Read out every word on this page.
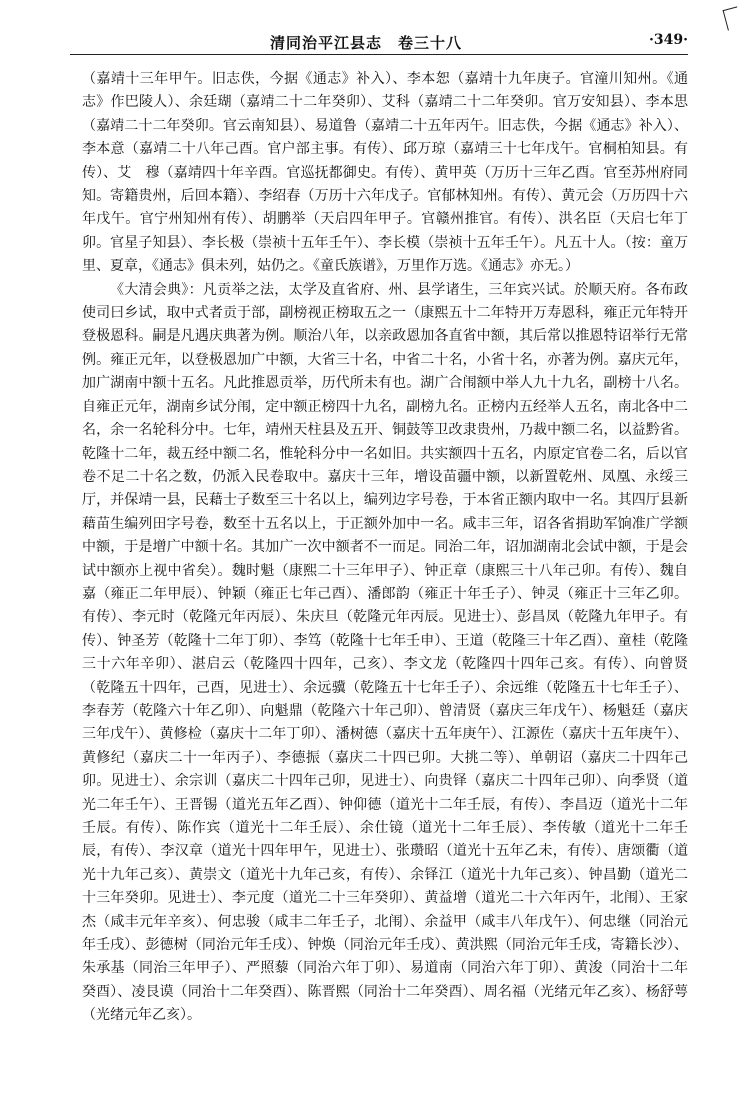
清同治平江县志　卷三十八	·349·

（嘉靖十三年甲午。旧志佚，今据《通志》补入）、李本恕（嘉靖十九年庚子。官潼川知州。《通志》作巴陵人）、余廷瑚（嘉靖二十二年癸卯）、艾科（嘉靖二十二年癸卯。官万安知县）、李本思（嘉靖二十二年癸卯。官云南知县）、易道鲁（嘉靖二十五年丙午。旧志佚，今据《通志》补入）、李本意（嘉靖二十八年己酉。官户部主事。有传）、邱万琼（嘉靖三十七年戊午。官桐柏知县。有传）、艾　穆（嘉靖四十年辛酉。官巡抚都御史。有传）、黄甲英（万历十三年乙酉。官至苏州府同知。寄籍贵州，后回本籍）、李绍春（万历十六年戊子。官郁林知州。有传）、黄元会（万历四十六年戊午。官宁州知州有传）、胡鹏举（天启四年甲子。官赣州推官。有传）、洪名臣（天启七年丁卯。官星子知县）、李长极（崇祯十五年壬午）、李长模（崇祯十五年壬午）。凡五十人。（按：童万里、夏章，《通志》俱未列，姑仍之。《童氏族谱》，万里作万选。《通志》亦无。）

《大清会典》：凡贡举之法，太学及直省府、州、县学诸生，三年宾兴试。於顺天府。各布政使司曰乡试，取中式者贡于部，副榜视正榜取五之一（康熙五十二年特开万寿恩科，雍正元年特开登极恩科。嗣是凡遇庆典著为例。顺治八年，以亲政恩加各直省中额，其后常以推恩特诏举行无常例。雍正元年，以登极恩加广中额，大省三十名，中省二十名，小省十名，亦著为例。嘉庆元年，加广湖南中额十五名。凡此推恩贡举，历代所未有也。湖广合闱额中举人九十九名，副榜十八名。自雍正元年，湖南乡试分闱，定中额正榜四十九名，副榜九名。正榜内五经举人五名，南北各中二名，余一名轮科分中。七年，靖州天柱县及五开、铜鼓等卫改隶贵州，乃裁中额二名，以益黔省。乾隆十二年，裁五经中额二名，惟轮科分中一名如旧。共实额四十五名，内原定官卷二名，后以官卷不足二十名之数，仍派入民卷取中。嘉庆十三年，增设苗疆中额，以新置乾州、凤凰、永绥三厅，并保靖一县，民藉士子数至三十名以上，编列边字号卷，于本省正额内取中一名。其四厅县新藉苗生编列田字号卷，数至十五名以上，于正额外加中一名。咸丰三年，诏各省捐助军饷准广学额中额，于是增广中额十名。其加广一次中额者不一而足。同治二年，诏加湖南北会试中额，于是会试中额亦上视中省矣）。魏时魁（康熙二十三年甲子）、钟正章（康熙三十八年己卯。有传）、魏自嘉（雍正二年甲辰）、钟颖（雍正七年己酉）、潘郎韵（雍正十年壬子）、钟灵（雍正十三年乙卯。有传）、李元时（乾隆元年丙辰）、朱庆旦（乾隆元年丙辰。见进士）、彭昌凤（乾隆九年甲子。有传）、钟圣芳（乾隆十二年丁卯）、李笃（乾隆十七年壬申）、王道（乾隆三十年乙酉）、童桂（乾隆三十六年辛卯）、湛启云（乾隆四十四年，己亥）、李文龙（乾隆四十四年己亥。有传）、向曾贤（乾隆五十四年，己酉，见进士）、余远骥（乾隆五十七年壬子）、余远维（乾隆五十七年壬子）、李春芳（乾隆六十年乙卯）、向魁鼎（乾隆六十年己卯）、曾清贤（嘉庆三年戊午）、杨魁廷（嘉庆三年戊午）、黄修检（嘉庆十二年丁卯）、潘树德（嘉庆十五年庚午）、江源佐（嘉庆十五年庚午）、黄修纪（嘉庆二十一年丙子）、李德振（嘉庆二十四已卯。大挑二等）、单朝诏（嘉庆二十四年己卯。见进士）、余宗训（嘉庆二十四年己卯，见进士）、向贵铎（嘉庆二十四年己卯）、向季贤（道光二年壬午）、王晋锡（道光五年乙酉）、钟仰德（道光十二年壬辰，有传）、李昌迈（道光十二年壬辰。有传）、陈作宾（道光十二年壬辰）、余仕镜（道光十二年壬辰）、李传敏（道光十二年壬辰，有传）、李汉章（道光十四年甲午，见进士）、张瓒昭（道光十五年乙未，有传）、唐颂衢（道光十九年己亥）、黄崇文（道光十九年己亥，有传）、余铎江（道光十九年己亥）、钟昌勤（道光二十三年癸卯。见进士）、李元度（道光二十三年癸卯）、黄益增（道光二十六年丙午，北闱）、王家杰（咸丰元年辛亥）、何忠骏（咸丰二年壬子，北闱）、余益甲（咸丰八年戊午）、何忠继（同治元年壬戌）、彭德树（同治元年壬戌）、钟焕（同治元年壬戌）、黄洪熙（同治元年壬戌，寄籍长沙）、朱承基（同治三年甲子）、严照藜（同治六年丁卯）、易道南（同治六年丁卯）、黄浚（同治十二年癸酉）、凌艮谟（同治十二年癸酉）、陈晋熙（同治十二年癸酉）、周名福（光绪元年乙亥）、杨舒萼（光绪元年乙亥）。
